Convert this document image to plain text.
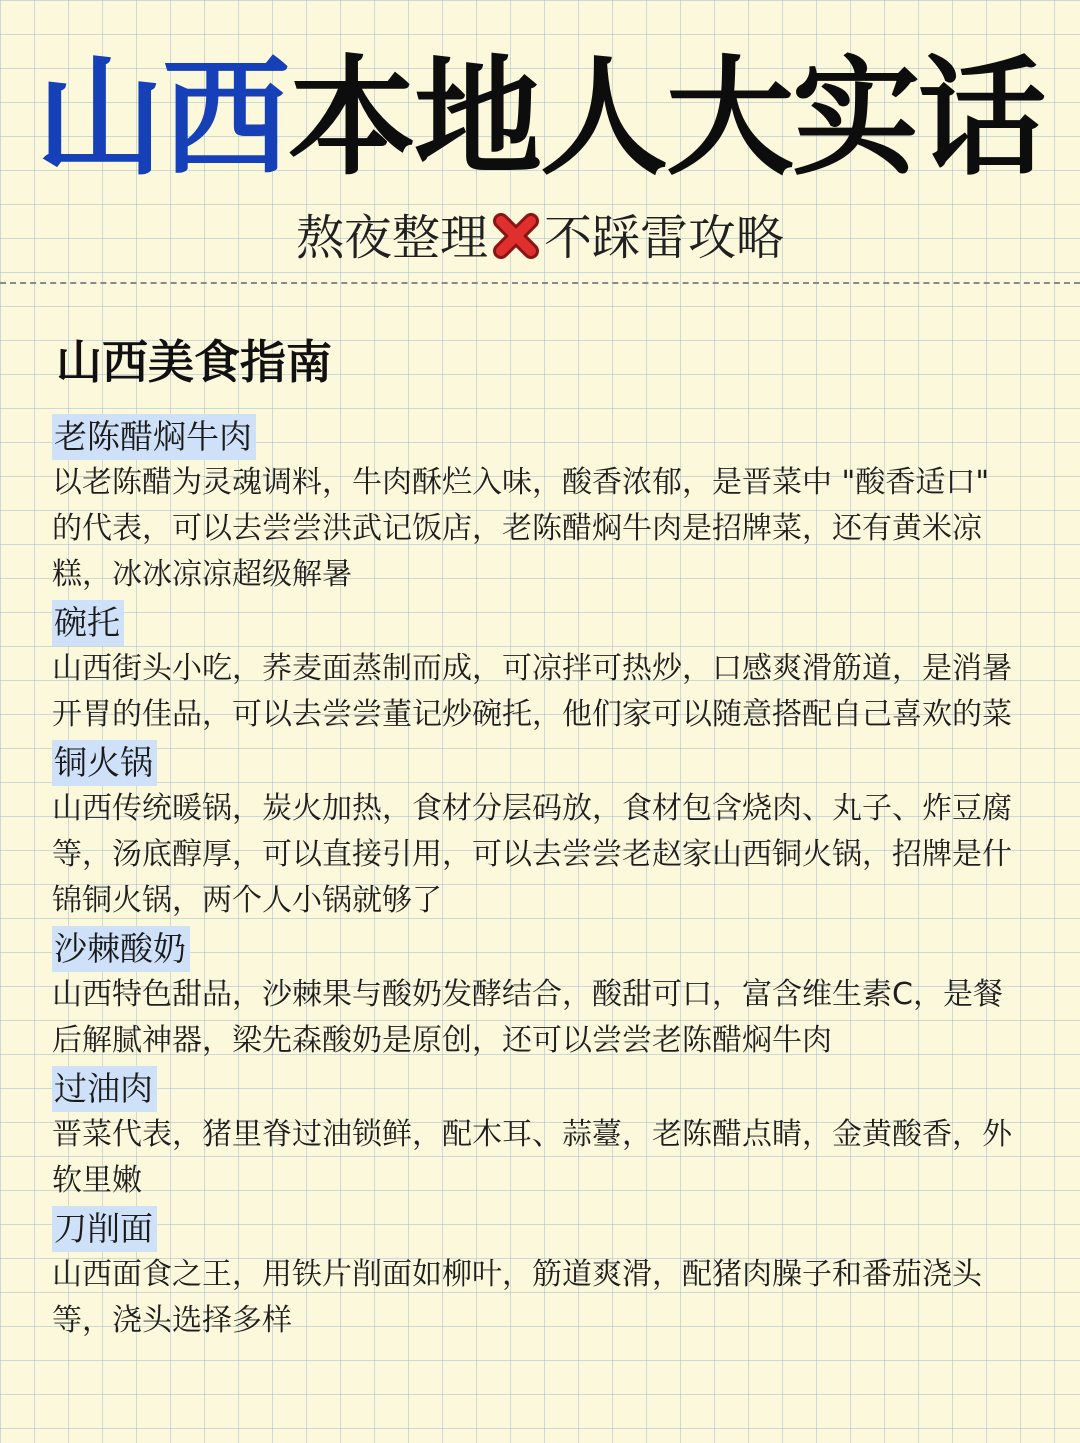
山西本地人大实话
熬夜整理 不踩雷攻略
山西美食指南
老陈醋焖牛肉
以老陈醋为灵魂调料，牛肉酥烂入味，酸香浓郁，是晋菜中 "酸香适口" 的代表，可以去尝尝洪武记饭店，老陈醋焖牛肉是招牌菜，还有黄米凉糕，冰冰凉凉超级解暑
碗托
山西街头小吃，荞麦面蒸制而成，可凉拌可热炒，口感爽滑筋道，是消暑开胃的佳品，可以去尝尝董记炒碗托，他们家可以随意搭配自己喜欢的菜
铜火锅
山西传统暖锅，炭火加热，食材分层码放，食材包含烧肉、丸子、炸豆腐等，汤底醇厚，可以直接引用，可以去尝尝老赵家山西铜火锅，招牌是什锦铜火锅，两个人小锅就够了
沙棘酸奶
山西特色甜品，沙棘果与酸奶发酵结合，酸甜可口，富含维生素C，是餐后解腻神器，梁先森酸奶是原创，还可以尝尝老陈醋焖牛肉
过油肉
晋菜代表，猪里脊过油锁鲜，配木耳、蒜薹，老陈醋点睛，金黄酸香，外软里嫩
刀削面
山西面食之王，用铁片削面如柳叶，筋道爽滑，配猪肉臊子和番茄浇头等，浇头选择多样
